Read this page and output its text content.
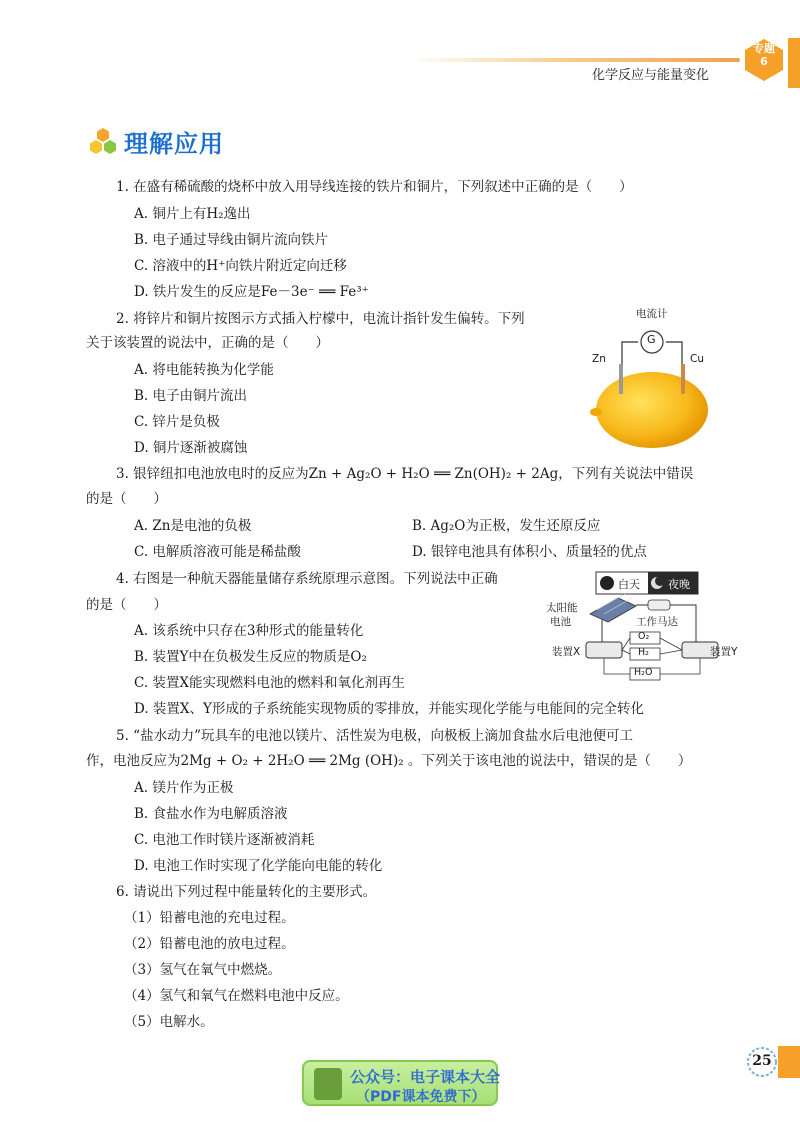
化学反应与能量变化
专题
6
理解应用
1. 在盛有稀硫酸的烧杯中放入用导线连接的铁片和铜片，下列叙述中正确的是（　　）
A. 铜片上有H₂逸出
B. 电子通过导线由铜片流向铁片
C. 溶液中的H⁺向铁片附近定向迁移
D. 铁片发生的反应是Fe－3e⁻ ══ Fe³⁺
2. 将锌片和铜片按图示方式插入柠檬中，电流计指针发生偏转。下列
关于该装置的说法中，正确的是（　　）
A. 将电能转换为化学能
B. 电子由铜片流出
C. 锌片是负极
D. 铜片逐渐被腐蚀
电流计
G
Zn	Cu
3. 银锌纽扣电池放电时的反应为Zn + Ag₂O + H₂O ══ Zn(OH)₂ + 2Ag，下列有关说法中错误
的是（　　）
A. Zn是电池的负极	B. Ag₂O为正极，发生还原反应
C. 电解质溶液可能是稀盐酸	D. 银锌电池具有体积小、质量轻的优点
4. 右图是一种航天器能量储存系统原理示意图。下列说法中正确
的是（　　）
A. 该系统中只存在3种形式的能量转化
B. 装置Y中在负极发生反应的物质是O₂
C. 装置X能实现燃料电池的燃料和氧化剂再生
D. 装置X、Y形成的子系统能实现物质的零排放，并能实现化学能与电能间的完全转化
白天	夜晚
太阳能
电池	工作马达
装置X	装置Y
O₂
H₂
H₂O
5. “盐水动力”玩具车的电池以镁片、活性炭为电极，向极板上滴加食盐水后电池便可工
作，电池反应为2Mg + O₂ + 2H₂O ══ 2Mg (OH)₂ 。下列关于该电池的说法中，错误的是（　　）
A. 镁片作为正极
B. 食盐水作为电解质溶液
C. 电池工作时镁片逐渐被消耗
D. 电池工作时实现了化学能向电能的转化
6. 请说出下列过程中能量转化的主要形式。
（1）铅蓄电池的充电过程。
（2）铅蓄电池的放电过程。
（3）氢气在氧气中燃烧。
（4）氢气和氧气在燃料电池中反应。
（5）电解水。
公众号：电子课本大全
（PDF课本免费下）
25
